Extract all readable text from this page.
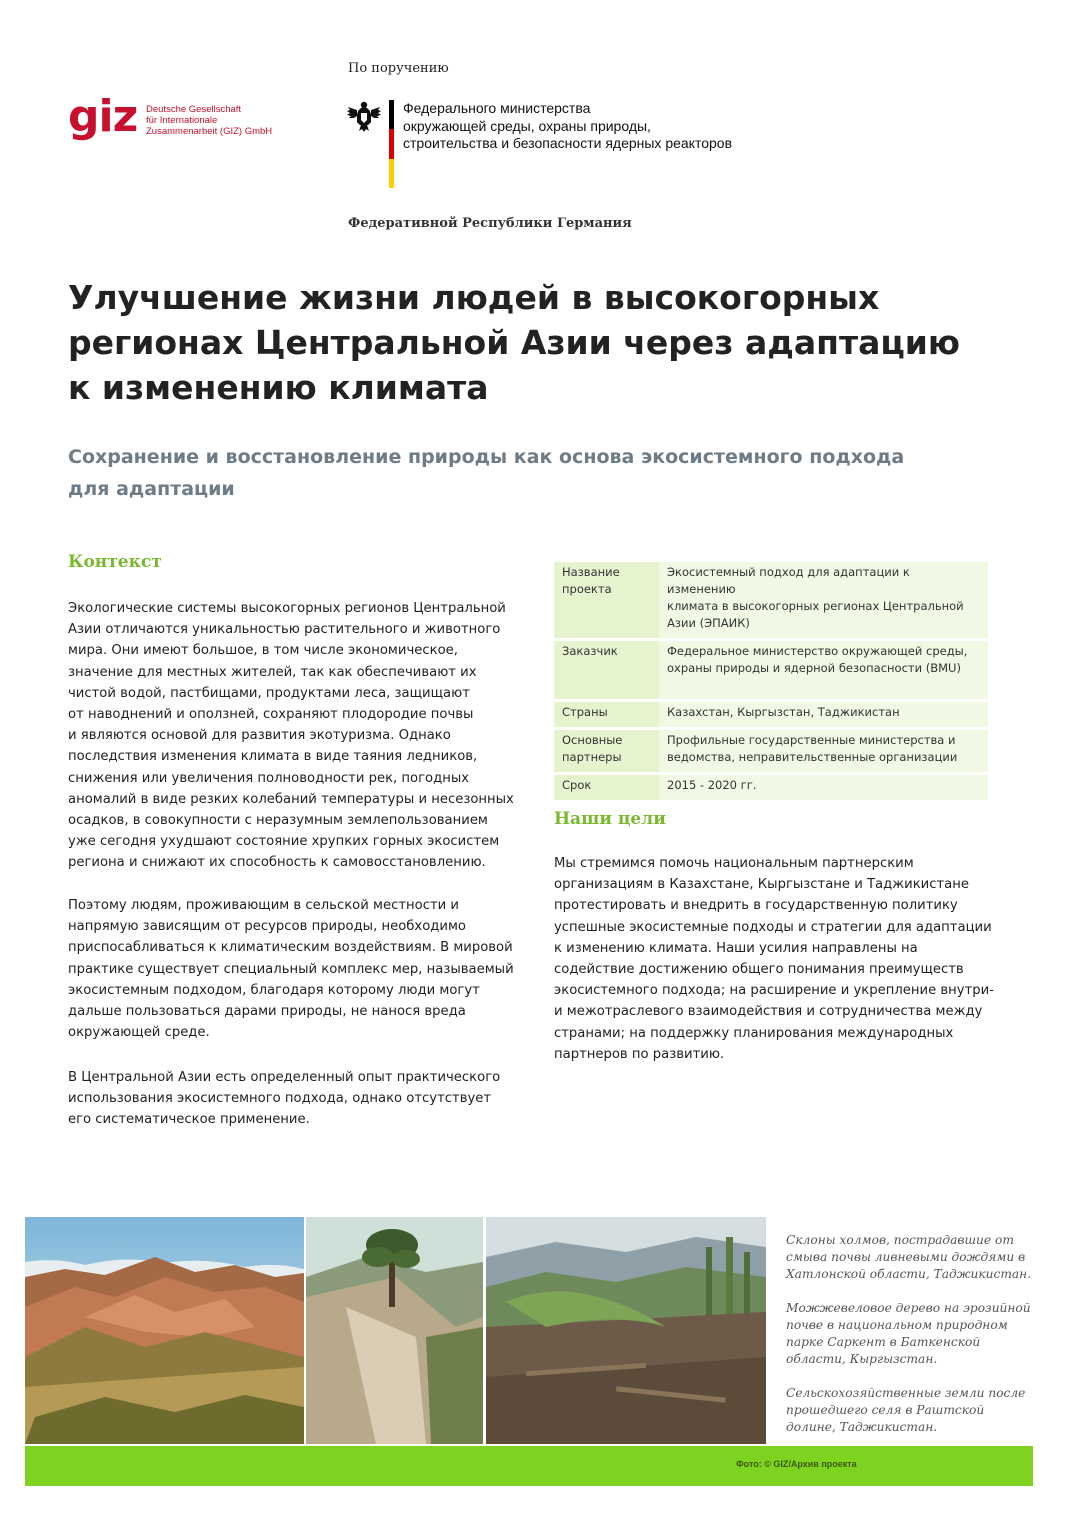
giz Deutsche Gesellschaft
für Internationale
Zusammenarbeit (GIZ) GmbH
По поручению
Федерального министерства
окружающей среды, охраны природы,
строительства и безопасности ядерных реакторов
Федеративной Республики Германия
Улучшение жизни людей в высокогорных
регионах Центральной Азии через адаптацию
к изменению климата
Сохранение и восстановление природы как основа экосистемного подхода
для адаптации
Контекст

Экологические системы высокогорных регионов Центральной
Азии отличаются уникальностью растительного и животного
мира. Они имеют большое, в том числе экономическое,
значение для местных жителей, так как обеспечивают их
чистой водой, пастбищами, продуктами леса, защищают
от наводнений и оползней, сохраняют плодородие почвы
и являются основой для развития экотуризма. Однако
последствия изменения климата в виде таяния ледников,
снижения или увеличения полноводности рек, погодных
аномалий в виде резких колебаний температуры и несезонных
осадков, в совокупности с неразумным землепользованием
уже сегодня ухудшают состояние хрупких горных экосистем
региона и снижают их способность к самовосстановлению.

Поэтому людям, проживающим в сельской местности и
напрямую зависящим от ресурсов природы, необходимо
приспосабливаться к климатическим воздействиям. В мировой
практике существует специальный комплекс мер, называемый
экосистемным подходом, благодаря которому люди могут
дальше пользоваться дарами природы, не нанося вреда
окружающей среде.

В Центральной Азии есть определенный опыт практического
использования экосистемного подхода, однако отсутствует
его систематическое применение.

Название
проекта	Экосистемный подход для адаптации к изменению
климата в высокогорных регионах Центральной
Азии (ЭПАИК)
Заказчик	Федеральное министерство окружающей среды,
охраны природы и ядерной безопасности (BMU)
Страны	Казахстан, Кыргызстан, Таджикистан
Основные
партнеры	Профильные государственные министерства и
ведомства, неправительственные организации
Срок	2015 - 2020 гг.
Наши цели

Мы стремимся помочь национальным партнерским
организациям в Казахстане, Кыргызстане и Таджикистане
протестировать и внедрить в государственную политику
успешные экосистемные подходы и стратегии для адаптации
к изменению климата. Наши усилия направлены на
содействие достижению общего понимания преимуществ
экосистемного подхода; на расширение и укрепление внутри-
и межотраслевого взаимодействия и сотрудничества между
странами; на поддержку планирования международных
партнеров по развитию.

Склоны холмов, пострадавшие от смыва почвы ливневыми дождями в Хатлонской области, Таджикистан.

Можжевеловое дерево на эрозийной почве в национальном природном парке Саркент в Баткенской области, Кыргызстан.

Сельскохозяйственные земли после прошедшего селя в Раштской долине, Таджикистан.

Фото: © GIZ/Архив проекта
